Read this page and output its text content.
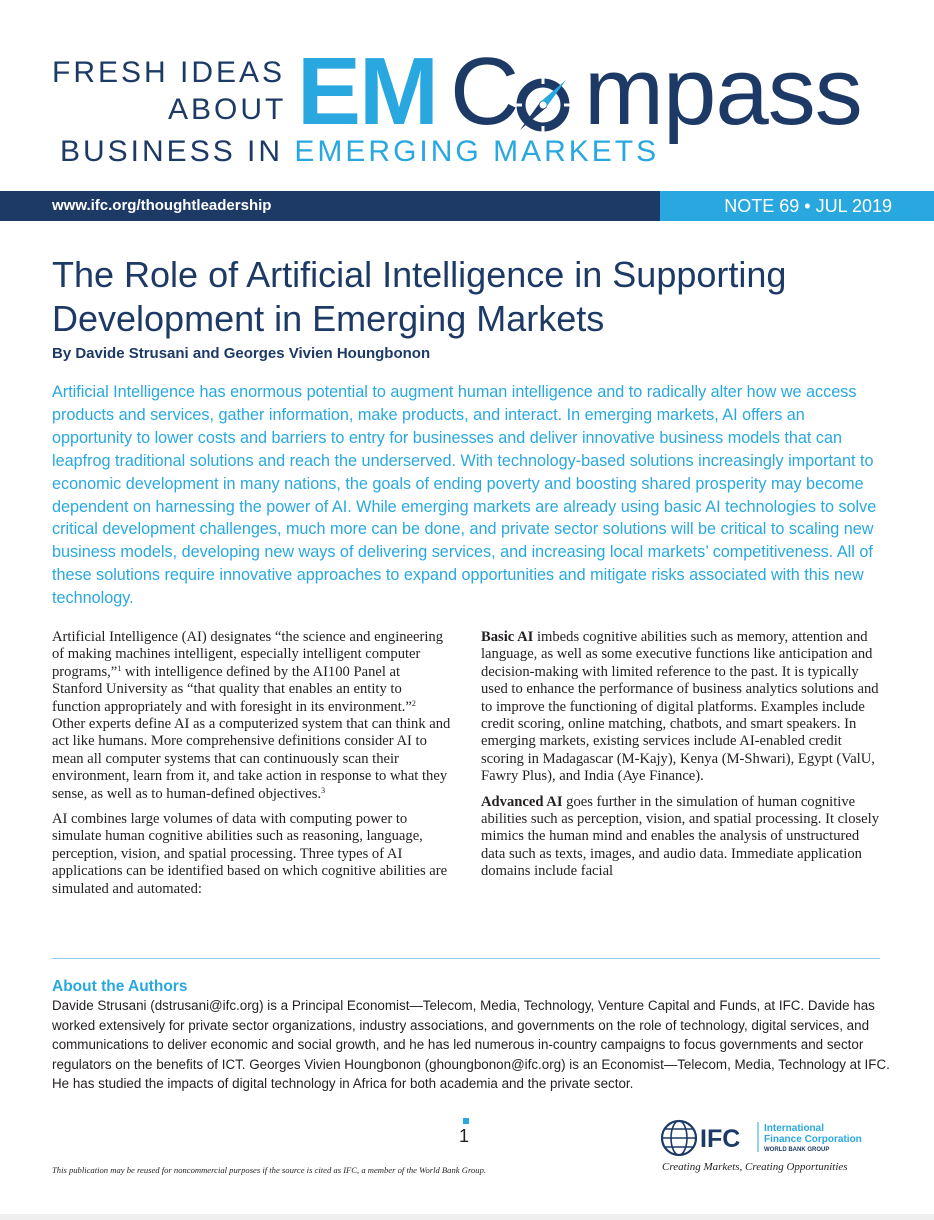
FRESH IDEAS
ABOUT
BUSINESS IN EMERGING MARKETS
EM C mpass
www.ifc.org/thoughtleadership	NOTE 69 • JUL 2019
The Role of Artificial Intelligence in Supporting Development in Emerging Markets
By Davide Strusani and Georges Vivien Houngbonon

Artificial Intelligence has enormous potential to augment human intelligence and to radically alter how we access products and services, gather information, make products, and interact. In emerging markets, AI offers an opportunity to lower costs and barriers to entry for businesses and deliver innovative business models that can leapfrog traditional solutions and reach the underserved. With technology-based solutions increasingly important to economic development in many nations, the goals of ending poverty and boosting shared prosperity may become dependent on harnessing the power of AI. While emerging markets are already using basic AI technologies to solve critical development challenges, much more can be done, and private sector solutions will be critical to scaling new business models, developing new ways of delivering services, and increasing local markets’ competitiveness. All of these solutions require innovative approaches to expand opportunities and mitigate risks associated with this new technology.

Artificial Intelligence (AI) designates “the science and engineering of making machines intelligent, especially intelligent computer programs,”$^1$ with intelligence defined by the AI100 Panel at Stanford University as “that quality that enables an entity to function appropriately and with foresight in its environment.”$^2$ Other experts define AI as a computerized system that can think and act like humans. More comprehensive definitions consider AI to mean all computer systems that can continuously scan their environment, learn from it, and take action in response to what they sense, as well as to human-defined objectives.$^3$

AI combines large volumes of data with computing power to simulate human cognitive abilities such as reasoning, language, perception, vision, and spatial processing. Three types of AI applications can be identified based on which cognitive abilities are simulated and automated:

Basic AI imbeds cognitive abilities such as memory, attention and language, as well as some executive functions like anticipation and decision-making with limited reference to the past. It is typically used to enhance the performance of business analytics solutions and to improve the functioning of digital platforms. Examples include credit scoring, online matching, chatbots, and smart speakers. In emerging markets, existing services include AI-enabled credit scoring in Madagascar (M-Kajy), Kenya (M-Shwari), Egypt (ValU, Fawry Plus), and India (Aye Finance).

Advanced AI goes further in the simulation of human cognitive abilities such as perception, vision, and spatial processing. It closely mimics the human mind and enables the analysis of unstructured data such as texts, images, and audio data. Immediate application domains include facial

About the Authors

Davide Strusani (dstrusani@ifc.org) is a Principal Economist—Telecom, Media, Technology, Venture Capital and Funds, at IFC. Davide has worked extensively for private sector organizations, industry associations, and governments on the role of technology, digital services, and communications to deliver economic and social growth, and he has led numerous in-country campaigns to focus governments and sector regulators on the benefits of ICT. Georges Vivien Houngbonon (ghoungbonon@ifc.org) is an Economist—Telecom, Media, Technology at IFC. He has studied the impacts of digital technology in Africa for both academia and the private sector.

1	IFC International
Finance Corporation
WORLD BANK GROUP
Creating Markets, Creating Opportunities
This publication may be reused for noncommercial purposes if the source is cited as IFC, a member of the World Bank Group.
